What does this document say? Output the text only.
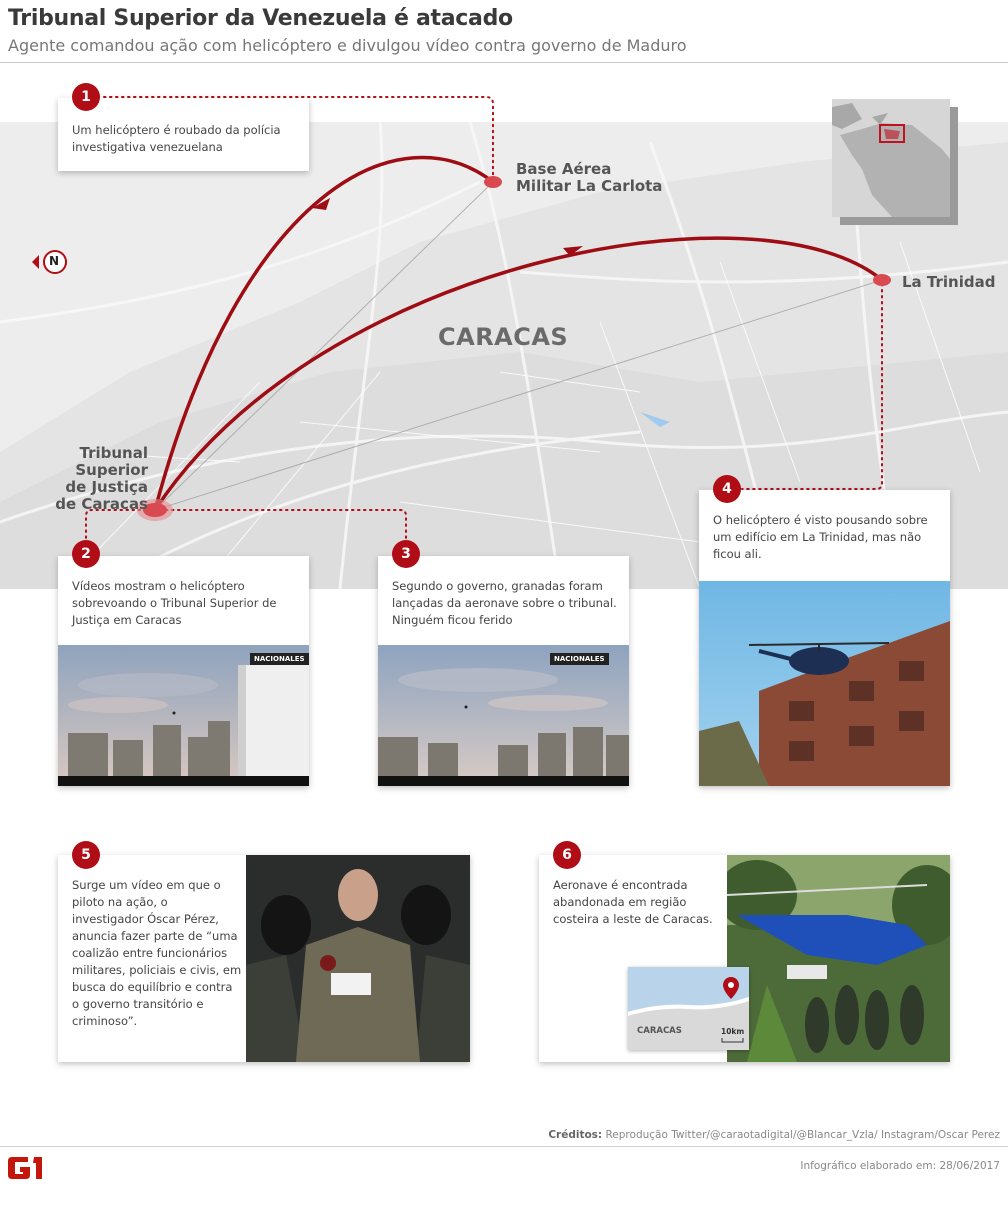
Tribunal Superior da Venezuela é atacado
Agente comandou ação com helicóptero e divulgou vídeo contra governo de Maduro
CARACAS
Base Aérea
Militar La Carlota
La Trinidad
Tribunal Superior
de Justiça
de Caracas
N
Um helicóptero é roubado da polícia investigativa venezuelana
1
Vídeos mostram o helicóptero sobrevoando o Tribunal Superior de Justiça em Caracas
NACIONALES
2
Segundo o governo, granadas foram lançadas da aeronave sobre o tribunal. Ninguém ficou ferido
NACIONALES
3
O helicóptero é visto pousando sobre um edifício em La Trinidad, mas não ficou ali.
4
Surge um vídeo em que o piloto na ação, o investigador Óscar Pérez, anuncia fazer parte de “uma coalizão entre funcionários militares, policiais e civis, em busca do equilíbrio e contra o governo transitório e criminoso”.
5
Aeronave é encontrada abandonada em região costeira a leste de Caracas.
6
CARACAS	10km
Créditos: Reprodução Twitter/@caraotadigital/@Blancar_Vzla/ Instagram/Oscar Perez
Infográfico elaborado em: 28/06/2017
